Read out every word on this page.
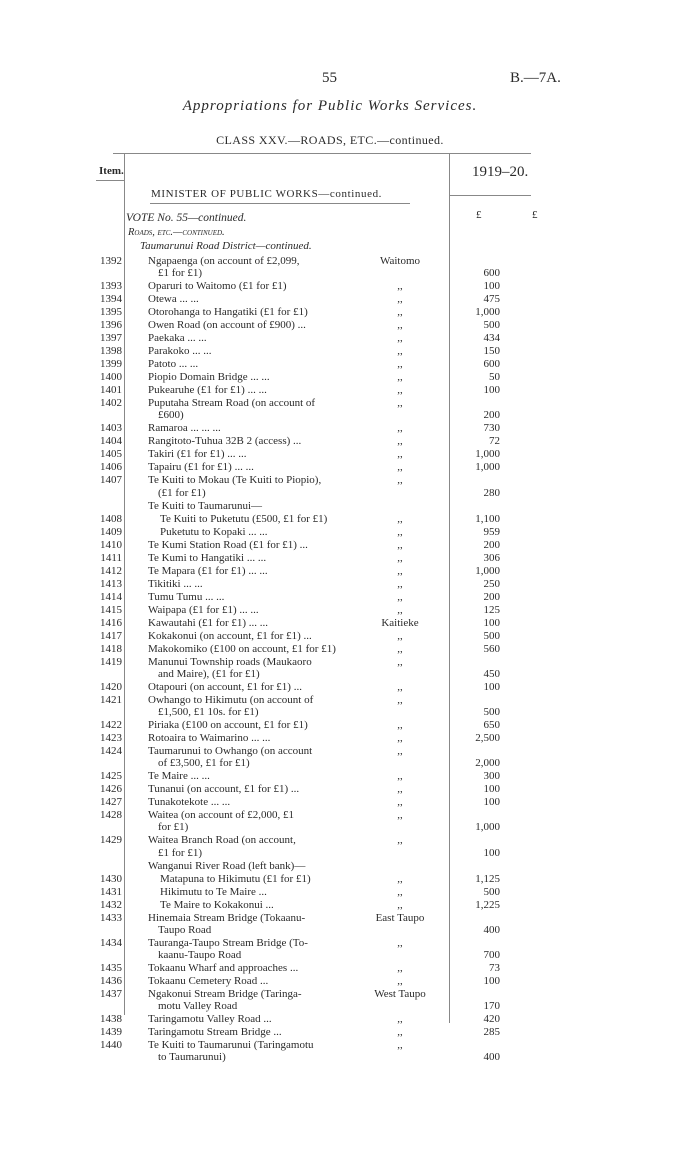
55	B.—7A.
Appropriations for Public Works Services.
CLASS XXV.—ROADS, ETC.—continued.
Item.	1919–20.
£	£
MINISTER OF PUBLIC WORKS—continued.
VOTE No. 55—continued.
Roads, etc.—continued.
Taumarunui Road District—continued.
1392 Ngapaenga (on account of £2,099,	Waitomo
£1 for £1)	600
1393 Oparuri to Waitomo (£1 for £1)	,,	100
1394 Otewa ... ...	,,	475
1395 Otorohanga to Hangatiki (£1 for £1)	,,	1,000
1396 Owen Road (on account of £900) ...	,,	500
1397 Paekaka ... ...	,,	434
1398 Parakoko ... ...	,,	150
1399 Patoto ... ...	,,	600
1400 Piopio Domain Bridge ... ...	,,	50
1401 Pukearuhe (£1 for £1) ... ...	,,	100
1402 Puputaha Stream Road (on account of	,,
£600)	200
1403 Ramaroa ... ... ...	,,	730
1404 Rangitoto-Tuhua 32B 2 (access) ...	,,	72
1405 Takiri (£1 for £1) ... ...	,,	1,000
1406 Tapairu (£1 for £1) ... ...	,,	1,000
1407 Te Kuiti to Mokau (Te Kuiti to Piopio),	,,
(£1 for £1)	280
Te Kuiti to Taumarunui—
1408	Te Kuiti to Puketutu (£500, £1 for £1)	,,	1,100
1409	Puketutu to Kopaki ... ...	,,	959
1410 Te Kumi Station Road (£1 for £1) ...	,,	200
1411 Te Kumi to Hangatiki ... ...	,,	306
1412 Te Mapara (£1 for £1) ... ...	,,	1,000
1413 Tikitiki ... ...	,,	250
1414 Tumu Tumu ... ...	,,	200
1415 Waipapa (£1 for £1) ... ...	,,	125
1416 Kawautahi (£1 for £1) ... ...	Kaitieke	100
1417 Kokakonui (on account, £1 for £1) ...	,,	500
1418 Makokomiko (£100 on account, £1 for £1)	,,	560
1419 Manunui Township roads (Maukaoro	,,
and Maire), (£1 for £1)	450
1420 Otapouri (on account, £1 for £1) ...	,,	100
1421 Owhango to Hikimutu (on account of	,,
£1,500, £1 10s. for £1)	500
1422 Piriaka (£100 on account, £1 for £1)	,,	650
1423 Rotoaira to Waimarino ... ...	,,	2,500
1424 Taumarunui to Owhango (on account	,,
of £3,500, £1 for £1)	2,000
1425 Te Maire ... ...	,,	300
1426 Tunanui (on account, £1 for £1) ...	,,	100
1427 Tunakotekote ... ...	,,	100
1428 Waitea (on account of £2,000, £1	,,
for £1)	1,000
1429 Waitea Branch Road (on account,	,,
£1 for £1)	100
Wanganui River Road (left bank)—
1430	Matapuna to Hikimutu (£1 for £1)	,,	1,125
1431	Hikimutu to Te Maire ...	,,	500
1432	Te Maire to Kokakonui ...	,,	1,225
1433 Hinemaia Stream Bridge (Tokaanu-	East Taupo
Taupo Road	400
1434 Tauranga-Taupo Stream Bridge (To-	,,
kaanu-Taupo Road	700
1435 Tokaanu Wharf and approaches ...	,,	73
1436 Tokaanu Cemetery Road ...	,,	100
1437 Ngakonui Stream Bridge (Taringa-	West Taupo
motu Valley Road	170
1438 Taringamotu Valley Road ...	,,	420
1439 Taringamotu Stream Bridge ...	,,	285
1440 Te Kuiti to Taumarunui (Taringamotu	,,
to Taumarunui)	400
